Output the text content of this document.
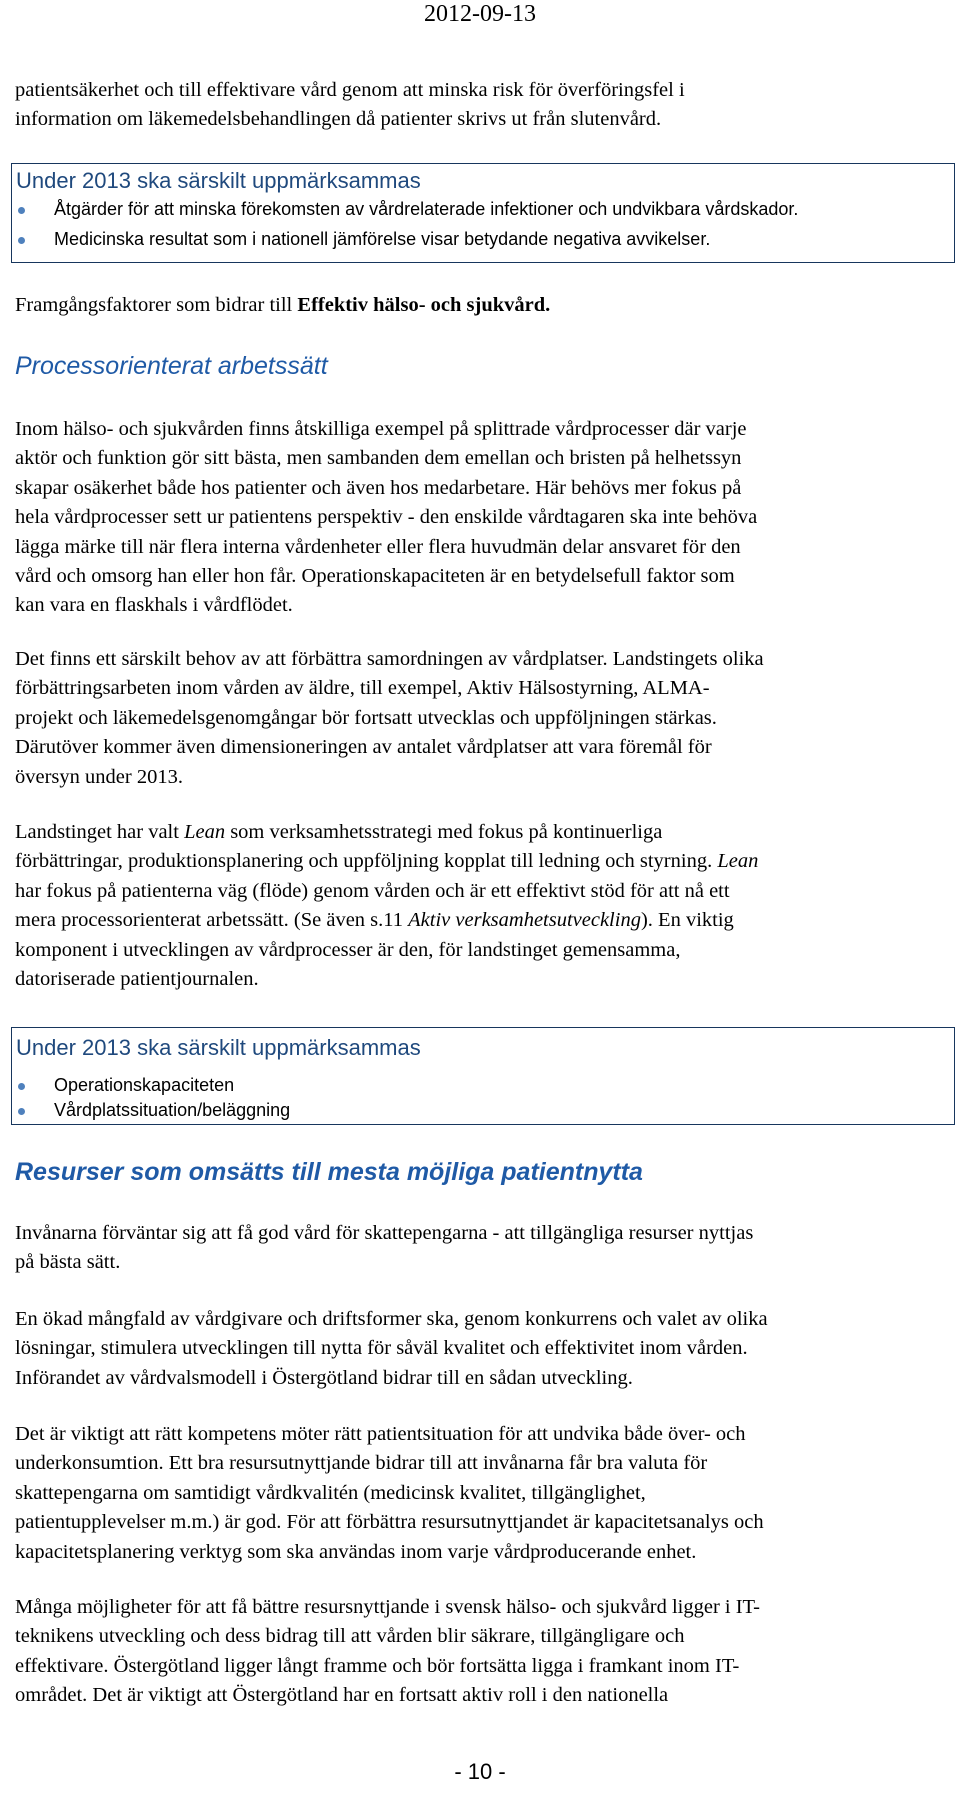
2012-09-13

patientsäkerhet och till effektivare vård genom att minska risk för överföringsfel i

information om läkemedelsbehandlingen då patienter skrivs ut från slutenvård.

Under 2013 ska särskilt uppmärksammas
Åtgärder för att minska förekomsten av vårdrelaterade infektioner och undvikbara vårdskador.
Medicinska resultat som i nationell jämförelse visar betydande negativa avvikelser.

Framgångsfaktorer som bidrar till Effektiv hälso- och sjukvård.

Processorienterat arbetssätt

Inom hälso- och sjukvården finns åtskilliga exempel på splittrade vårdprocesser där varje

aktör och funktion gör sitt bästa, men sambanden dem emellan och bristen på helhetssyn

skapar osäkerhet både hos patienter och även hos medarbetare. Här behövs mer fokus på

hela vårdprocesser sett ur patientens perspektiv - den enskilde vårdtagaren ska inte behöva

lägga märke till när flera interna vårdenheter eller flera huvudmän delar ansvaret för den

vård och omsorg han eller hon får. Operationskapaciteten är en betydelsefull faktor som

kan vara en flaskhals i vårdflödet.

Det finns ett särskilt behov av att förbättra samordningen av vårdplatser. Landstingets olika

förbättringsarbeten inom vården av äldre, till exempel, Aktiv Hälsostyrning, ALMA-

projekt och läkemedelsgenomgångar bör fortsatt utvecklas och uppföljningen stärkas.

Därutöver kommer även dimensioneringen av antalet vårdplatser att vara föremål för

översyn under 2013.

Landstinget har valt Lean som verksamhetsstrategi med fokus på kontinuerliga

förbättringar, produktionsplanering och uppföljning kopplat till ledning och styrning. Lean

har fokus på patienterna väg (flöde) genom vården och är ett effektivt stöd för att nå ett

mera processorienterat arbetssätt. (Se även s.11 Aktiv verksamhetsutveckling). En viktig

komponent i utvecklingen av vårdprocesser är den, för landstinget gemensamma,

datoriserade patientjournalen.

Under 2013 ska särskilt uppmärksammas
Operationskapaciteten
Vårdplatssituation/beläggning
Resurser som omsätts till mesta möjliga patientnytta

Invånarna förväntar sig att få god vård för skattepengarna - att tillgängliga resurser nyttjas

på bästa sätt.

En ökad mångfald av vårdgivare och driftsformer ska, genom konkurrens och valet av olika

lösningar, stimulera utvecklingen till nytta för såväl kvalitet och effektivitet inom vården.

Införandet av vårdvalsmodell i Östergötland bidrar till en sådan utveckling.

Det är viktigt att rätt kompetens möter rätt patientsituation för att undvika både över- och

underkonsumtion. Ett bra resursutnyttjande bidrar till att invånarna får bra valuta för

skattepengarna om samtidigt vårdkvalitén (medicinsk kvalitet, tillgänglighet,

patientupplevelser m.m.) är god. För att förbättra resursutnyttjandet är kapacitetsanalys och

kapacitetsplanering verktyg som ska användas inom varje vårdproducerande enhet.

Många möjligheter för att få bättre resursnyttjande i svensk hälso- och sjukvård ligger i IT-

teknikens utveckling och dess bidrag till att vården blir säkrare, tillgängligare och

effektivare. Östergötland ligger långt framme och bör fortsätta ligga i framkant inom IT-

området. Det är viktigt att Östergötland har en fortsatt aktiv roll i den nationella

- 10 -
